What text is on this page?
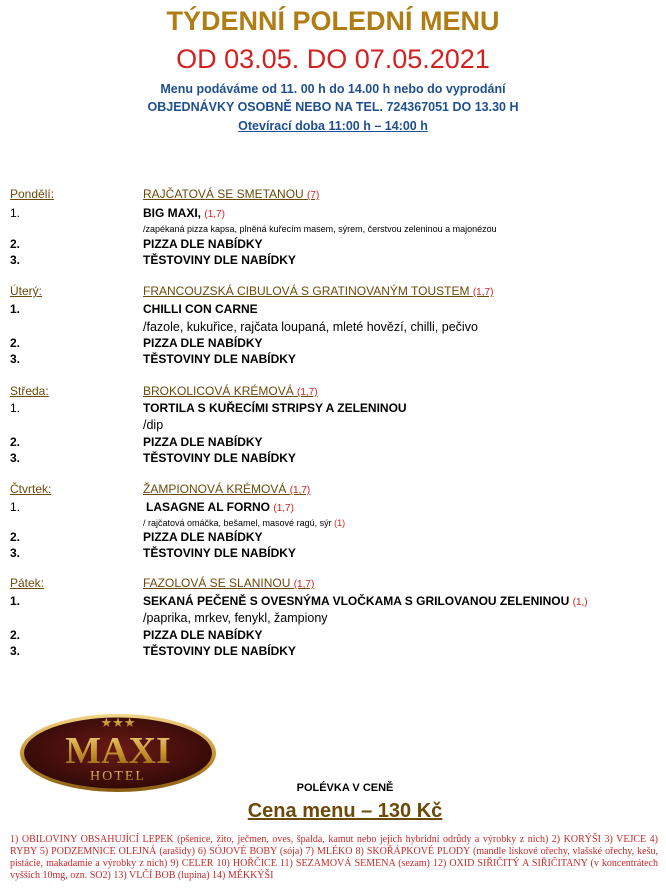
TÝDENNÍ POLEDNÍ MENU
OD 03.05. DO 07.05.2021
Menu podáváme od 11. 00 h do 14.00 h nebo do vyprodání
OBJEDNÁVKY OSOBNĚ NEBO NA TEL. 724367051 DO 13.30 H
Otevírací doba 11:00 h – 14:00 h
Pondělí:	RAJČATOVÁ SE SMETANOU (7)
1.	BIG MAXI, (1,7)
/zapékaná pizza kapsa, plněná kuřecím masem, sýrem, čerstvou zeleninou a majonézou
2.	PIZZA DLE NABÍDKY
3.	TĚSTOVINY DLE NABÍDKY
Úterý:	FRANCOUZSKÁ CIBULOVÁ S GRATINOVANÝM TOUSTEM (1,7)
1.	CHILLI CON CARNE
/fazole, kukuřice, rajčata loupaná, mleté hovězí, chilli, pečivo
2.	PIZZA DLE NABÍDKY
3.	TĚSTOVINY DLE NABÍDKY
Středa:	BROKOLICOVÁ KRÉMOVÁ (1,7)
1.	TORTILA S KUŘECÍMI STRIPSY A ZELENINOU
/dip
2.	PIZZA DLE NABÍDKY
3.	TĚSTOVINY DLE NABÍDKY
Čtvrtek:	ŽAMPIONOVÁ KRÉMOVÁ (1,7)
1.	LASAGNE AL FORNO (1,7)
/ rajčatová omáčka, bešamel, masové ragú, sýr (1)
2.	PIZZA DLE NABÍDKY
3.	TĚSTOVINY DLE NABÍDKY
Pátek:	FAZOLOVÁ SE SLANINOU (1,7)
1.	SEKANÁ PEČENĚ S OVESNÝMA VLOČKAMA S GRILOVANOU ZELENINOU (1,)
/paprika, mrkev, fenykl, žampiony
2.	PIZZA DLE NABÍDKY
3.	TĚSTOVINY DLE NABÍDKY
★★★
MAXI
HOTEL
POLÉVKA V CENĚ
Cena menu – 130 Kč
1) OBILOVINY OBSAHUJÍCÍ LEPEK (pšenice, žito, ječmen, oves, špalda, kamut nebo jejich hybridní odrůdy a výrobky z nich) 2) KORÝŠI 3) VEJCE 4) RYBY 5) PODZEMNICE OLEJNÁ (arašídy) 6) SÓJOVÉ BOBY (sója) 7) MLÉKO 8) SKOŘÁPKOVÉ PLODY (mandle lískové ořechy, vlašské ořechy, kešu, pistácie, makadamie a výrobky z nich) 9) CELER 10) HOŘČICE 11) SEZAMOVÁ SEMENA (sezam) 12) OXID SIŘIČITÝ A SIŘIČITANY (v koncentrátech vyšších 10mg, ozn. SO2) 13) VLČÍ BOB (lupina) 14) MĚKKÝŠI
